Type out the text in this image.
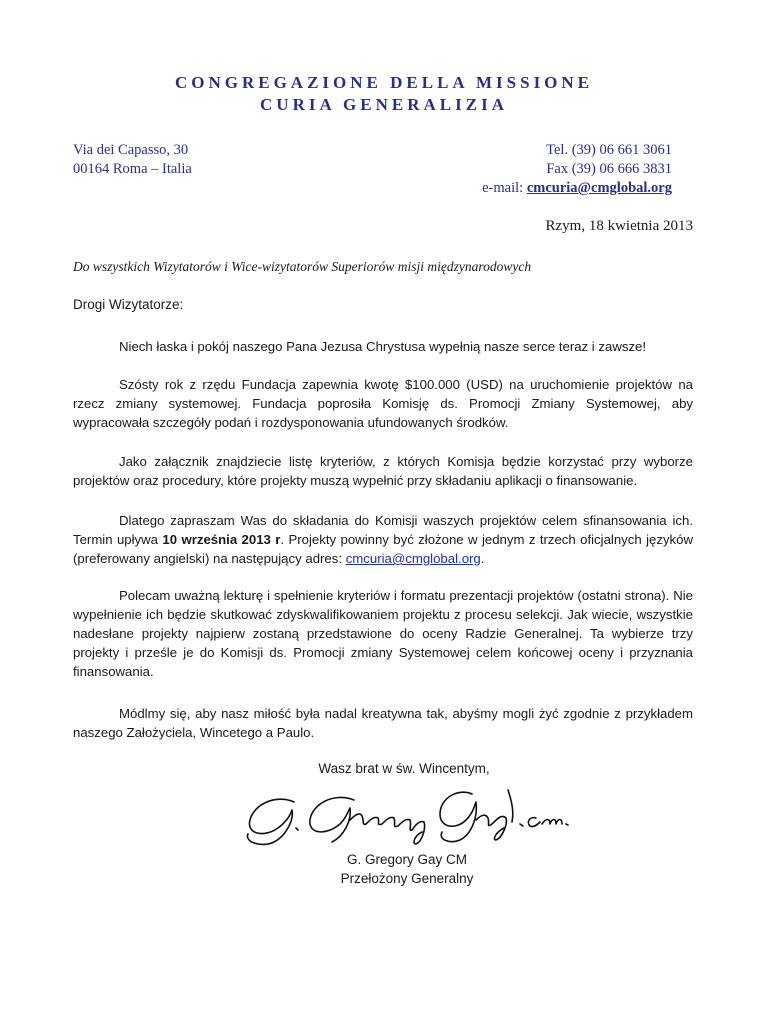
CONGREGAZIONE DELLA MISSIONE
CURIA GENERALIZIA
Via dei Capasso, 30
00164 Roma – Italia
Tel. (39) 06 661 3061
Fax (39) 06 666 3831
e-mail: cmcuria@cmglobal.org
Rzym, 18 kwietnia 2013
Do wszystkich Wizytatorów i Wice-wizytatorów Superiorów misji międzynarodowych
Drogi Wizytatorze:
Niech łaska i pokój naszego Pana Jezusa Chrystusa wypełnią nasze serce teraz i zawsze!
Szósty rok z rzędu Fundacja zapewnia kwotę $100.000 (USD) na uruchomienie projektów na rzecz zmiany systemowej. Fundacja poprosiła Komisję ds. Promocji Zmiany Systemowej, aby wypracowała szczegóły podań i rozdysponowania ufundowanych środków.
Jako załącznik znajdziecie listę kryteriów, z których Komisja będzie korzystać przy wyborze projektów oraz procedury, które projekty muszą wypełnić przy składaniu aplikacji o finansowanie.
Dlatego zapraszam Was do składania do Komisji waszych projektów celem sfinansowania ich. Termin upływa 10 września 2013 r. Projekty powinny być złożone w jednym z trzech oficjalnych języków (preferowany angielski) na następujący adres: cmcuria@cmglobal.org.
Polecam uważną lekturę i spełnienie kryteriów i formatu prezentacji projektów (ostatni strona). Nie wypełnienie ich będzie skutkować zdyskwalifikowaniem projektu z procesu selekcji. Jak wiecie, wszystkie nadesłane projekty najpierw zostaną przedstawione do oceny Radzie Generalnej. Ta wybierze trzy projekty i prześle je do Komisji ds. Promocji zmiany Systemowej celem końcowej oceny i przyznania finansowania.
Módlmy się, aby nasz miłość była nadal kreatywna tak, abyśmy mogli żyć zgodnie z przykładem naszego Założyciela, Wincetego a Paulo.
Wasz brat w św. Wincentym,
G. Gregory Gay CM
Przełożony Generalny
